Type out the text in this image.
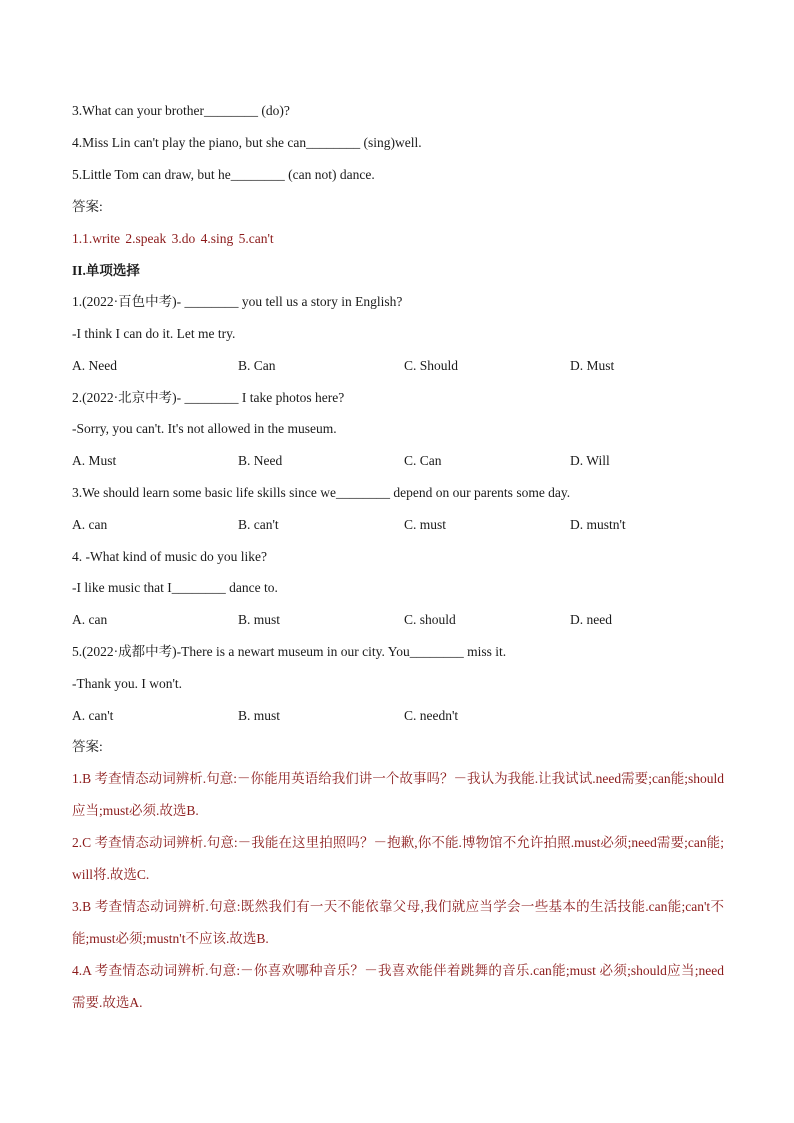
3.What can your brother________ (do)?
4.Miss Lin can't play the piano, but she can________ (sing)well.
5.Little Tom can draw, but he________ (can not) dance.
答案:
1.1.write 2.speak 3.do 4.sing 5.can't
II.单项选择
1.(2022·百色中考)- ________ you tell us a story in English?
-I think I can do it. Let me try.
A. Need	B. Can	C. Should	D. Must
2.(2022·北京中考)- ________ I take photos here?
-Sorry, you can't. It's not allowed in the museum.
A. Must	B. Need	C. Can	D. Will
3.We should learn some basic life skills since we________ depend on our parents some day.
A. can	B. can't	C. must	D. mustn't
4. -What kind of music do you like?
-I like music that I________ dance to.
A. can	B. must	C. should	D. need
5.(2022·成都中考)-There is a newart museum in our city. You________ miss it.
-Thank you. I won't.
A. can't	B. must	C. needn't
答案:
1.B 考查情态动词辨析.句意:－你能用英语给我们讲一个故事吗？－我认为我能.让我试试.need需要;can能;should应当;must必须.故选B.
2.C 考查情态动词辨析.句意:－我能在这里拍照吗？－抱歉,你不能.博物馆不允许拍照.must必须;need需要;can能;will将.故选C.
3.B 考查情态动词辨析.句意:既然我们有一天不能依靠父母,我们就应当学会一些基本的生活技能.can能;can't不能;must必须;mustn't不应该.故选B.
4.A 考查情态动词辨析.句意:－你喜欢哪种音乐？－我喜欢能伴着跳舞的音乐.can能;must 必须;should应当;need需要.故选A.
